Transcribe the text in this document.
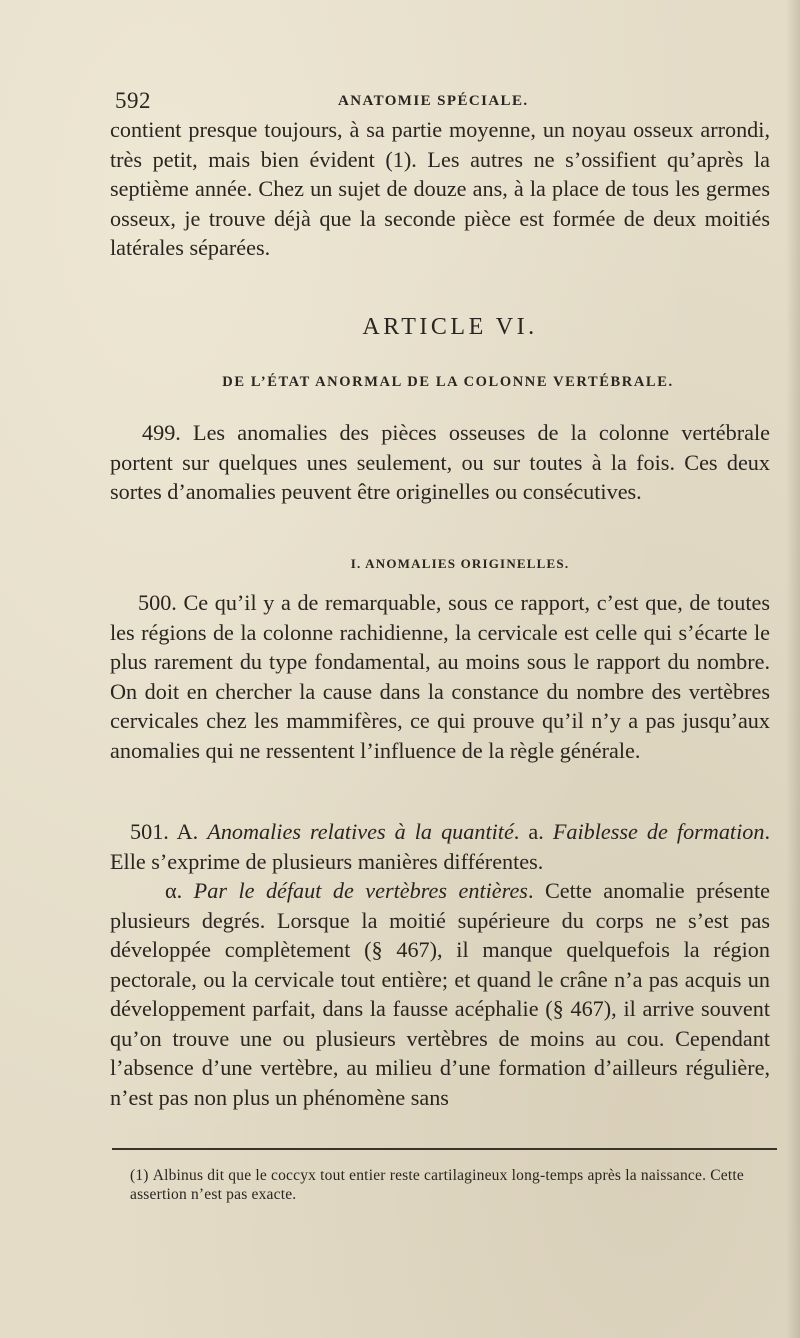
592	ANATOMIE SPÉCIALE.
contient presque toujours, à sa partie moyenne, un noyau osseux arrondi, très petit, mais bien évident (1). Les autres ne s’ossifient qu’après la septième année. Chez un sujet de douze ans, à la place de tous les germes osseux, je trouve déjà que la seconde pièce est formée de deux moitiés latérales séparées.
ARTICLE VI.
DE L’ÉTAT ANORMAL DE LA COLONNE VERTÉBRALE.
499. Les anomalies des pièces osseuses de la colonne vertébrale portent sur quelques unes seulement, ou sur toutes à la fois. Ces deux sortes d’anomalies peuvent être originelles ou consécutives.
I. ANOMALIES ORIGINELLES.
500. Ce qu’il y a de remarquable, sous ce rapport, c’est que, de toutes les régions de la colonne rachidienne, la cervicale est celle qui s’écarte le plus rarement du type fondamental, au moins sous le rapport du nombre. On doit en chercher la cause dans la constance du nombre des vertèbres cervicales chez les mammifères, ce qui prouve qu’il n’y a pas jusqu’aux anomalies qui ne ressentent l’influence de la règle générale.
501. A. Anomalies relatives à la quantité. a. Faiblesse de formation. Elle s’exprime de plusieurs manières différentes.
α. Par le défaut de vertèbres entières. Cette anomalie présente plusieurs degrés. Lorsque la moitié supérieure du corps ne s’est pas développée complètement (§ 467), il manque quelquefois la région pectorale, ou la cervicale tout entière; et quand le crâne n’a pas acquis un développement parfait, dans la fausse acéphalie (§ 467), il arrive souvent qu’on trouve une ou plusieurs vertèbres de moins au cou. Cependant l’absence d’une vertèbre, au milieu d’une formation d’ailleurs régulière, n’est pas non plus un phénomène sans
(1) Albinus dit que le coccyx tout entier reste cartilagineux long-temps après la naissance. Cette assertion n’est pas exacte.
